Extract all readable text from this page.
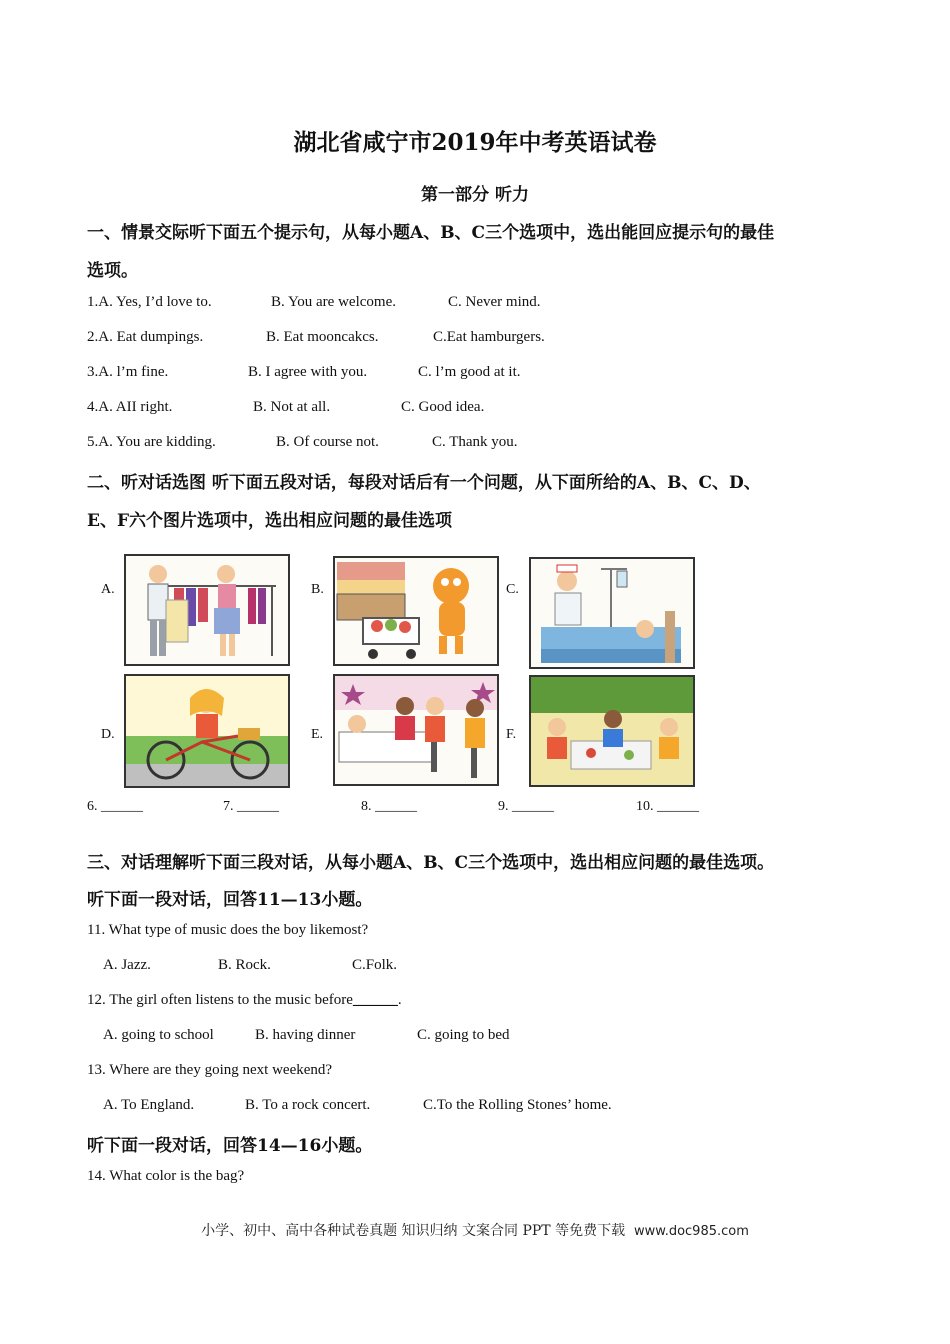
湖北省咸宁市2019年中考英语试卷
第一部分 听力
一、情景交际听下面五个提示句，从每小题A、B、C三个选项中，选出能回应提示句的最佳
选项。
1.A. Yes, I’d love to.	B. You are welcome.	C. Never mind.
2.A. Eat dumpings.	B. Eat mooncakcs.	C.Eat hamburgers.
3.A. l’m fine.	B. I agree with you.	C. l’m good at it.
4.A. AII right.	B. Not at all.	C. Good idea.
5.A. You are kidding.	B. Of course not.	C. Thank you.
二、听对话选图 听下面五段对话，每段对话后有一个问题，从下面所给的A、B、C、D、
E、F六个图片选项中，选出相应问题的最佳选项
A.	B.	C.
D.	E.	F.
6. ______	7. ______	8. ______	9. ______	10. ______
三、对话理解听下面三段对话，从每小题A、B、C三个选项中，选出相应问题的最佳选项。
听下面一段对话，回答11—13小题。
11. What type of music does the boy likemost?
A. Jazz.	B. Rock.	C.Folk.
12. The girl often listens to the music before______.
A. going to school	B. having dinner	C. going to bed
13. Where are they going next weekend?
A. To England.	B. To a rock concert.	C.To the Rolling Stones’ home.
听下面一段对话，回答14—16小题。
14. What color is the bag?
小学、初中、高中各种试卷真题 知识归纳 文案合同 PPT 等免费下载 www.doc985.com
